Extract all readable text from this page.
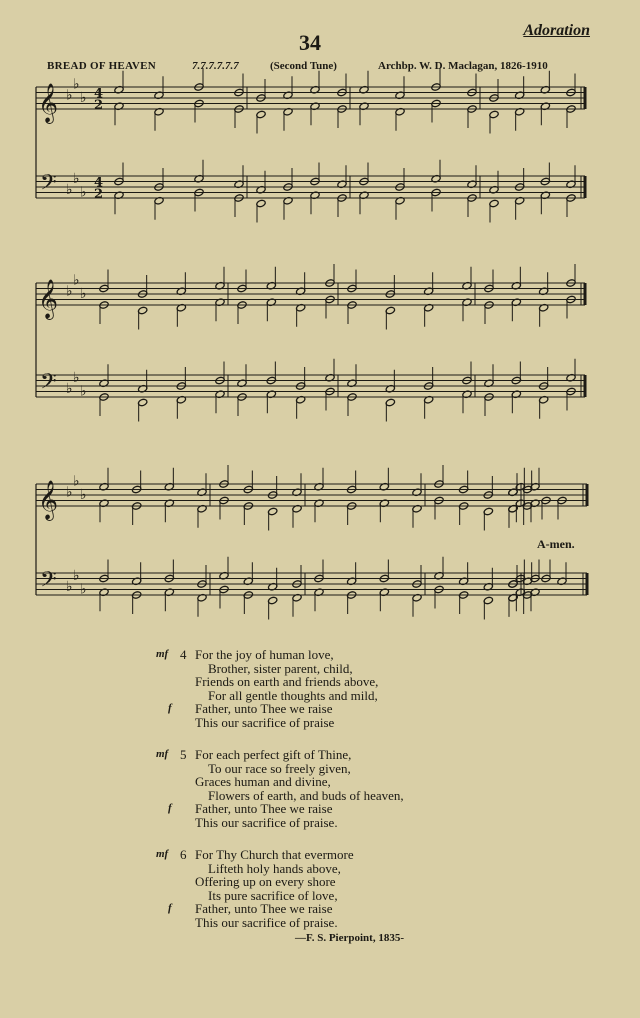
34	Adoration
BREAD OF HEAVEN	7.7.7.7.7.7	(Second Tune)	Archbp. W. D. Maclagan, 1826-1910
𝄞
𝄢
♭
♭
♭
♭
♭
♭
4
2
4
2
𝄞
𝄢
♭
♭
♭
♭
♭
♭
𝄞
𝄢
♭
♭
♭
♭
♭
♭
A-men.
mf 4 For the joy of human love,
Brother, sister parent, child,
Friends on earth and friends above,
For all gentle thoughts and mild,
f	Father, unto Thee we raise
This our sacrifice of praise
mf 5 For each perfect gift of Thine,
To our race so freely given,
Graces human and divine,
Flowers of earth, and buds of heaven,
f	Father, unto Thee we raise
This our sacrifice of praise.
mf 6 For Thy Church that evermore
Lifteth holy hands above,
Offering up on every shore
Its pure sacrifice of love,
f	Father, unto Thee we raise
This our sacrifice of praise.
—F. S. Pierpoint, 1835-
